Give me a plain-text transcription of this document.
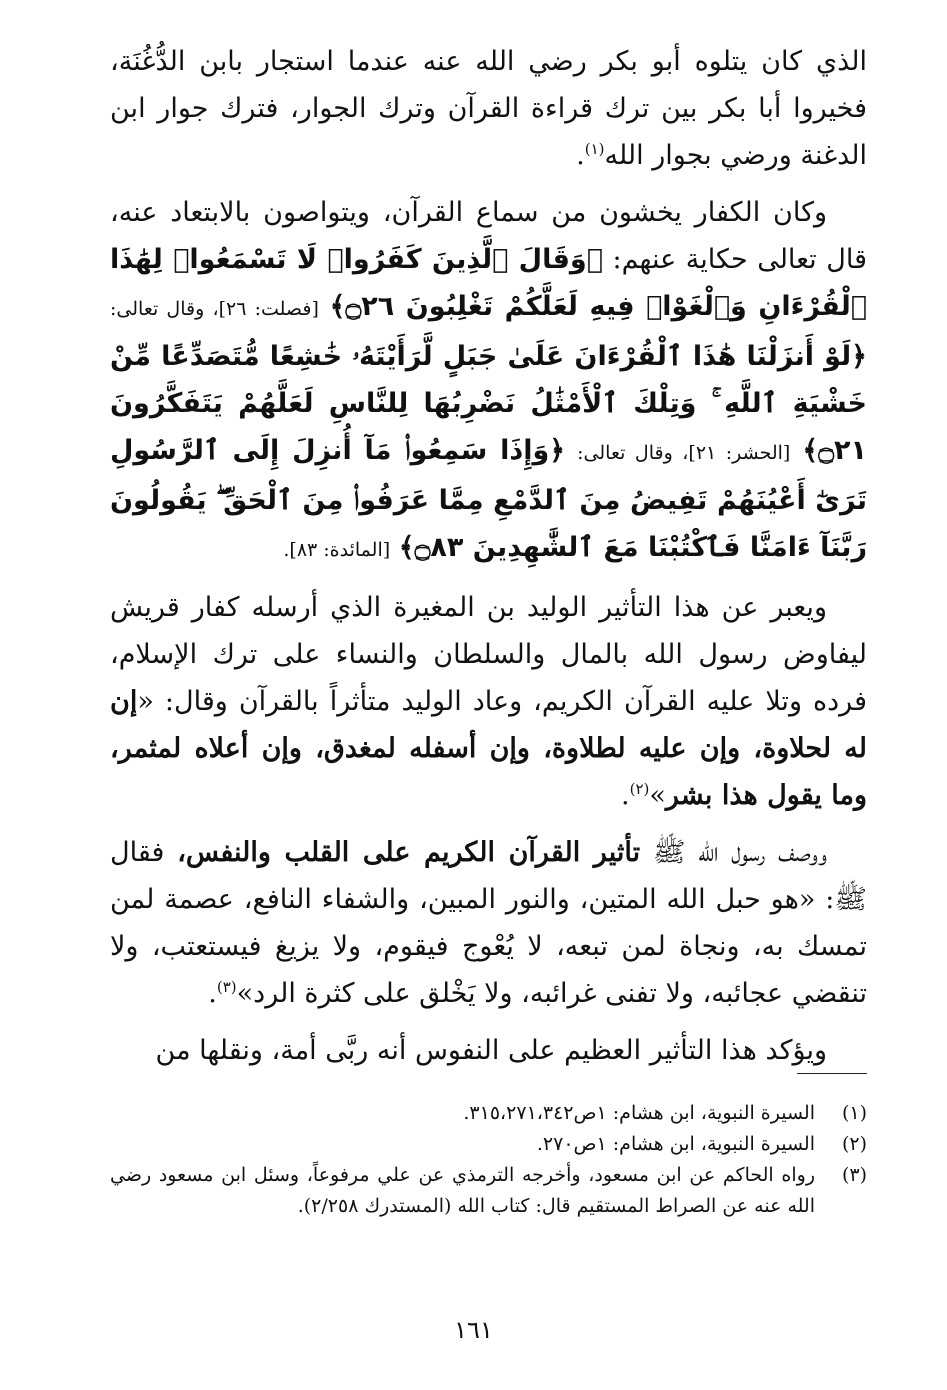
الذي كان يتلوه أبو بكر رضي الله عنه عندما استجار بابن الدُّغُنَة، فخيروا أبا بكر بين ترك قراءة القرآن وترك الجوار، فترك جوار ابن الدغنة ورضي بجوار الله$^{(١)}$.

وكان الكفار يخشون من سماع القرآن، ويتواصون بالابتعاد عنه، قال تعالى حكاية عنهم: ﴿وَقَالَ ٱلَّذِينَ كَفَرُوا۟ لَا تَسْمَعُوا۟ لِهَٰذَا ٱلْقُرْءَانِ وَٱلْغَوْا۟ فِيهِ لَعَلَّكُمْ تَغْلِبُونَ ۝٢٦﴾ [فصلت: ٢٦]، وقال تعالى: ﴿لَوْ أَنزَلْنَا هَٰذَا ٱلْقُرْءَانَ عَلَىٰ جَبَلٍ لَّرَأَيْتَهُۥ خَٰشِعًا مُّتَصَدِّعًا مِّنْ خَشْيَةِ ٱللَّهِ ۚ وَتِلْكَ ٱلْأَمْثَٰلُ نَضْرِبُهَا لِلنَّاسِ لَعَلَّهُمْ يَتَفَكَّرُونَ ۝٢١﴾ [الحشر: ٢١]، وقال تعالى: ﴿وَإِذَا سَمِعُوا۟ مَآ أُنزِلَ إِلَى ٱلرَّسُولِ تَرَىٰٓ أَعْيُنَهُمْ تَفِيضُ مِنَ ٱلدَّمْعِ مِمَّا عَرَفُوا۟ مِنَ ٱلْحَقِّ ۖ يَقُولُونَ رَبَّنَآ ءَامَنَّا فَٱكْتُبْنَا مَعَ ٱلشَّٰهِدِينَ ۝٨٣﴾ [المائدة: ٨٣].

ويعبر عن هذا التأثير الوليد بن المغيرة الذي أرسله كفار قريش ليفاوض رسول الله بالمال والسلطان والنساء على ترك الإسلام، فرده وتلا عليه القرآن الكريم، وعاد الوليد متأثراً بالقرآن وقال: «إن له لحلاوة، وإن عليه لطلاوة، وإن أسفله لمغدق، وإن أعلاه لمثمر، وما يقول هذا بشر»$^{(٢)}$.

ووصف رسول الله ﷺ تأثير القرآن الكريم على القلب والنفس، فقال ﷺ: «هو حبل الله المتين، والنور المبين، والشفاء النافع، عصمة لمن تمسك به، ونجاة لمن تبعه، لا يُعْوج فيقوم، ولا يزيغ فيستعتب، ولا تنقضي عجائبه، ولا تفنى غرائبه، ولا يَخْلق على كثرة الرد»$^{(٣)}$.

ويؤكد هذا التأثير العظيم على النفوس أنه ربَّى أمة، ونقلها من

(١)
السيرة النبوية، ابن هشام: ١ص٣١٥،٢٧١،٣٤٢.
(٢)
السيرة النبوية، ابن هشام: ١ص٢٧٠.
(٣)
رواه الحاكم عن ابن مسعود، وأخرجه الترمذي عن علي مرفوعاً، وسئل ابن مسعود رضي الله عنه عن الصراط المستقيم قال: كتاب الله (المستدرك ٢/٢٥٨).
١٦١
